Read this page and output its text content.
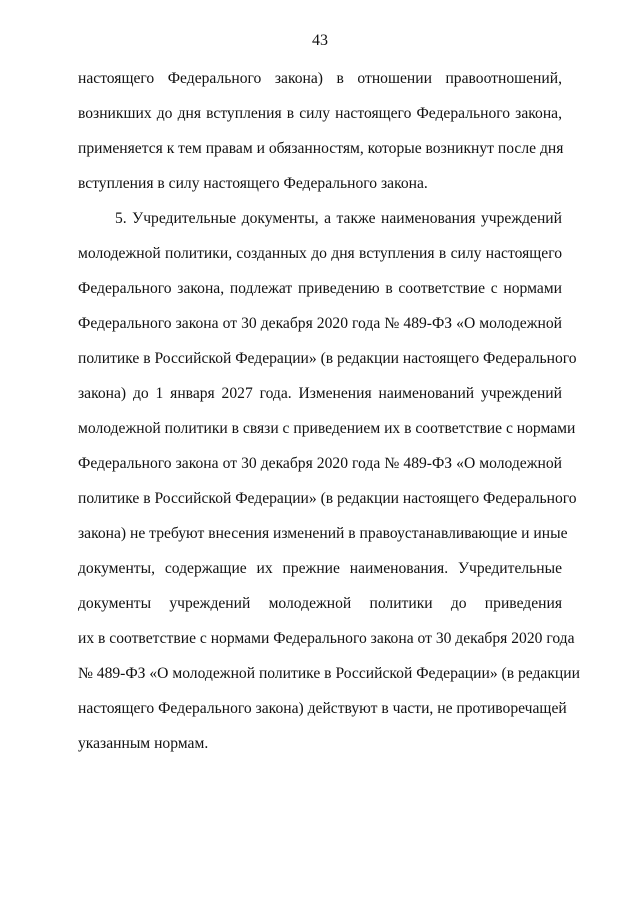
43
настоящего Федерального закона) в отношении правоотношений,
возникших до дня вступления в силу настоящего Федерального закона,
применяется к тем правам и обязанностям, которые возникнут после дня
вступления в силу настоящего Федерального закона.
5. Учредительные документы, а также наименования учреждений
молодежной политики, созданных до дня вступления в силу настоящего
Федерального закона, подлежат приведению в соответствие с нормами
Федерального закона от 30 декабря 2020 года № 489-ФЗ «О молодежной
политике в Российской Федерации» (в редакции настоящего Федерального
закона) до 1 января 2027 года. Изменения наименований учреждений
молодежной политики в связи с приведением их в соответствие с нормами
Федерального закона от 30 декабря 2020 года № 489-ФЗ «О молодежной
политике в Российской Федерации» (в редакции настоящего Федерального
закона) не требуют внесения изменений в правоустанавливающие и иные
документы, содержащие их прежние наименования. Учредительные
документы учреждений молодежной политики до приведения
их в соответствие с нормами Федерального закона от 30 декабря 2020 года
№ 489-ФЗ «О молодежной политике в Российской Федерации» (в редакции
настоящего Федерального закона) действуют в части, не противоречащей
указанным нормам.
